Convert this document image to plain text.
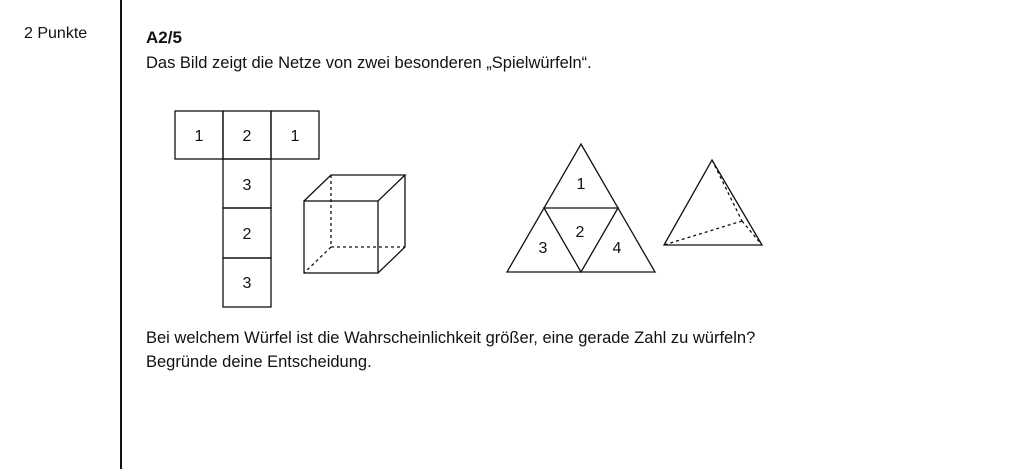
2 Punkte	A2/5
Das Bild zeigt die Netze von zwei besonderen „Spielwürfeln“.
1 2 1
3
2
3
1
2
3	4
Bei welchem Würfel ist die Wahrscheinlichkeit größer, eine gerade Zahl zu würfeln?
Begründe deine Entscheidung.
